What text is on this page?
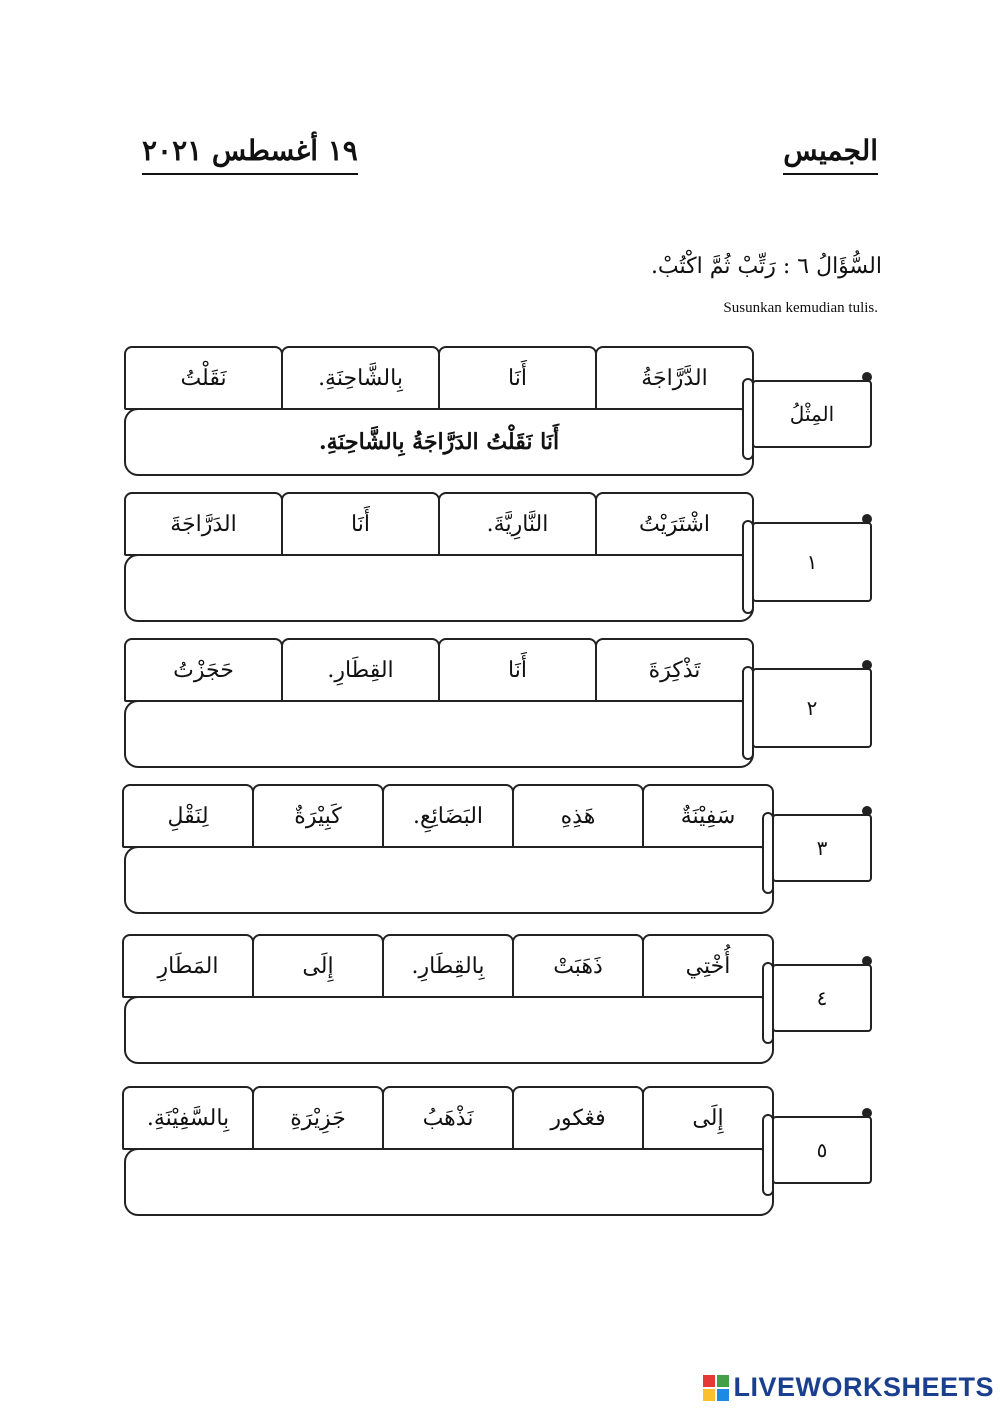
الجميس
١٩ أغسطس ٢٠٢١
السُّؤَالُ ٦ : رَتِّبْ ثُمَّ اكْتُبْ.
Susunkan kemudian tulis.
الدَّرَّاجَةُ
أَنَا
بِالشَّاحِنَةِ.
نَقَلْتُ
أَنَا نَقَلْتُ الدَرَّاجَةُ بِالشَّاحِنَةِ.
اشْتَرَيْتُ
النَّارِيَّةَ.
أَنَا
الدَرَّاجَةَ
تَذْكِرَةَ
أَنَا
القِطَارِ.
حَجَزْتُ
سَفِيْنَةٌ
هَذِهِ
البَضَائِعِ.
كَبِيْرَةٌ
لِنَقْلِ
أُخْتِي
ذَهَبَتْ
بِالقِطَارِ.
إِلَى
المَطَارِ
إِلَى
فڠكور
نَذْهَبُ
جَزِيْرَةِ
بِالسَّفِيْنَةِ.
LIVEWORKSHEETS
المِثْلُ
١
٢
٣
٤
٥
